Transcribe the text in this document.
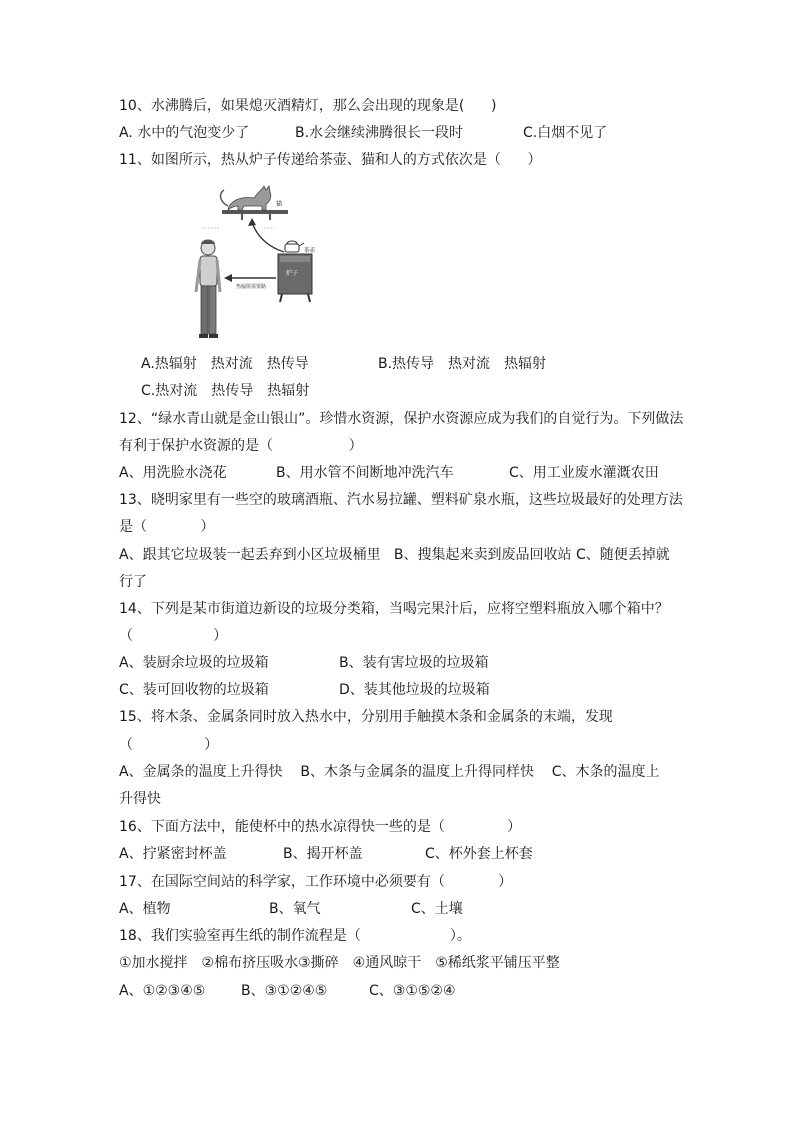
10、水沸腾后，如果熄灭酒精灯，那么会出现的现象是(      )

A. 水中的气泡变少了

	B.水会继续沸腾很长一段时

	C.白烟不见了

11、如图所示，热从炉子传递给茶壶、猫和人的方式依次是（      ）
猫
茶壶
炉子
热辐射需要路

A.热辐射　热对流　热传导

	B.热传导　热对流　热辐射

C.热对流　热传导　热辐射

12、“绿水青山就是金山银山”。珍惜水资源，保护水资源应成为我们的自觉行为。下列做法
有利于保护水资源的是（                 ）

A、用洗脸水浇花

	B、用水管不间断地冲洗汽车

	C、用工业废水灌溉农田

13、晓明家里有一些空的玻璃酒瓶、汽水易拉罐、塑料矿泉水瓶，这些垃圾最好的处理方法
是（            ）
A、跟其它垃圾装一起丢弃到小区垃圾桶里   B、搜集起来卖到废品回收站 C、随便丢掉就
行了
14、下列是某市街道边新设的垃圾分类箱，当喝完果汁后，应将空塑料瓶放入哪个箱中？
（                  ）

A、装厨余垃圾的垃圾箱

	B、装有害垃圾的垃圾箱

C、装可回收物的垃圾箱

	D、装其他垃圾的垃圾箱

15、将木条、金属条同时放入热水中，分别用手触摸木条和金属条的末端，发现
（                ）
A、金属条的温度上升得快    B、木条与金属条的温度上升得同样快    C、木条的温度上
升得快
16、下面方法中，能使杯中的热水凉得快一些的是（              ）

A、拧紧密封杯盖

	B、揭开杯盖

	C、杯外套上杯套

17、在国际空间站的科学家，工作环境中必须要有（            ）

A、植物

	B、氧气

	C、土壤

18、我们实验室再生纸的制作流程是（                    ）。
①加水搅拌　②棉布挤压吸水③撕碎　④通风晾干　⑤稀纸浆平铺压平整

A、①②③④⑤

	B、③①②④⑤

	C、③①⑤②④
